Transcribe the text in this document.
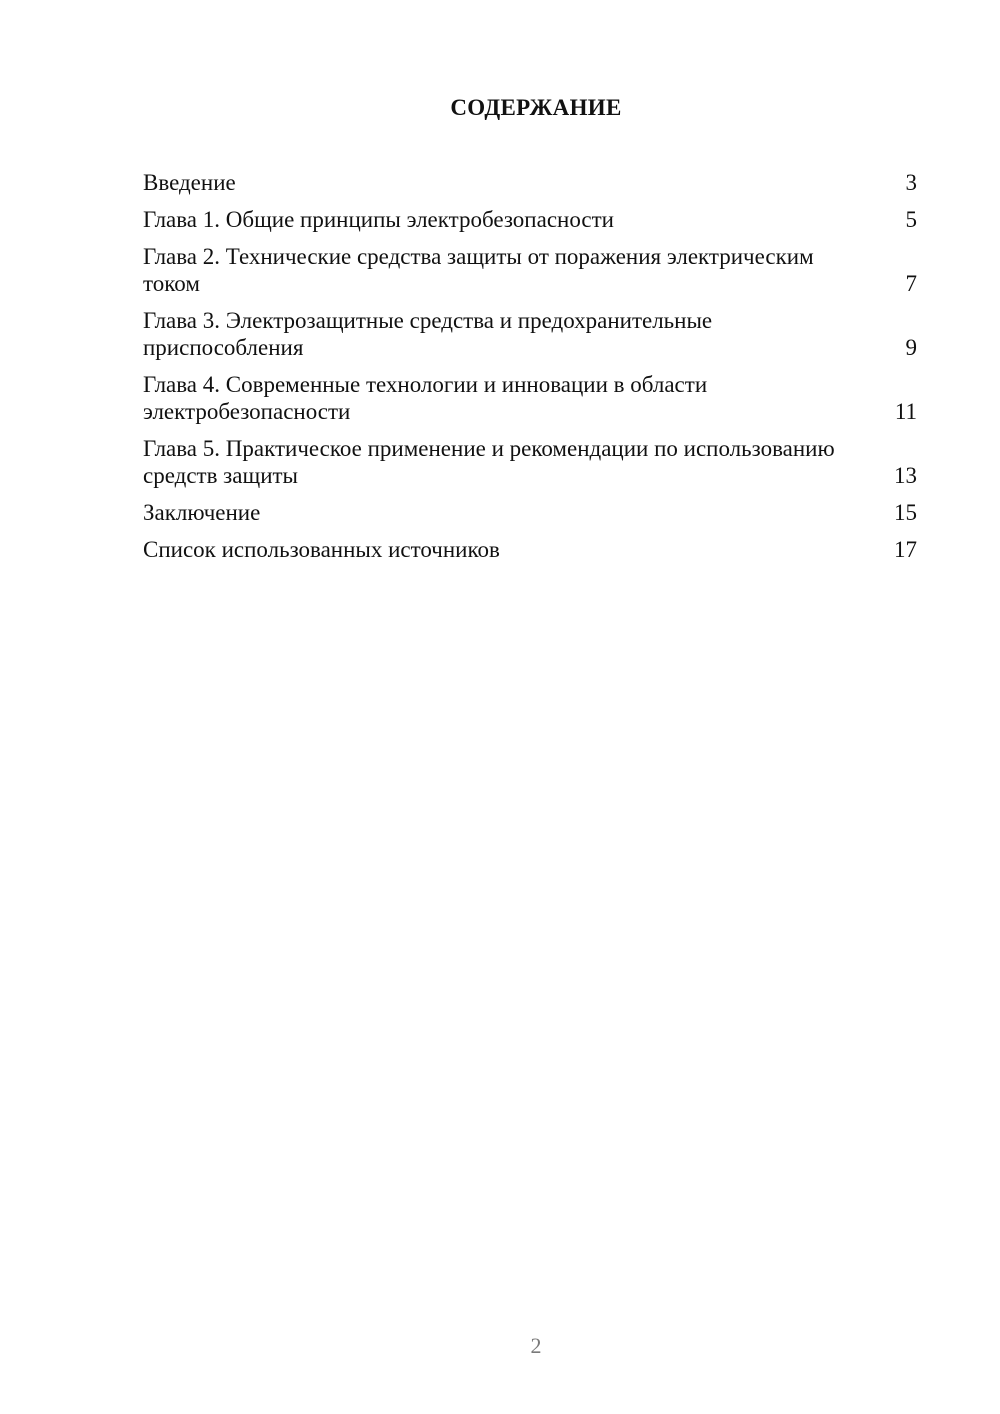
СОДЕРЖАНИЕ
Введение	3
Глава 1. Общие принципы электробезопасности	5
Глава 2. Технические средства защиты от поражения электрическим током	7
Глава 3. Электрозащитные средства и предохранительные приспособления	9
Глава 4. Современные технологии и инновации в области электробезопасности	11
Глава 5. Практическое применение и рекомендации по использованию средств защиты	13
Заключение	15
Список использованных источников	17
2
